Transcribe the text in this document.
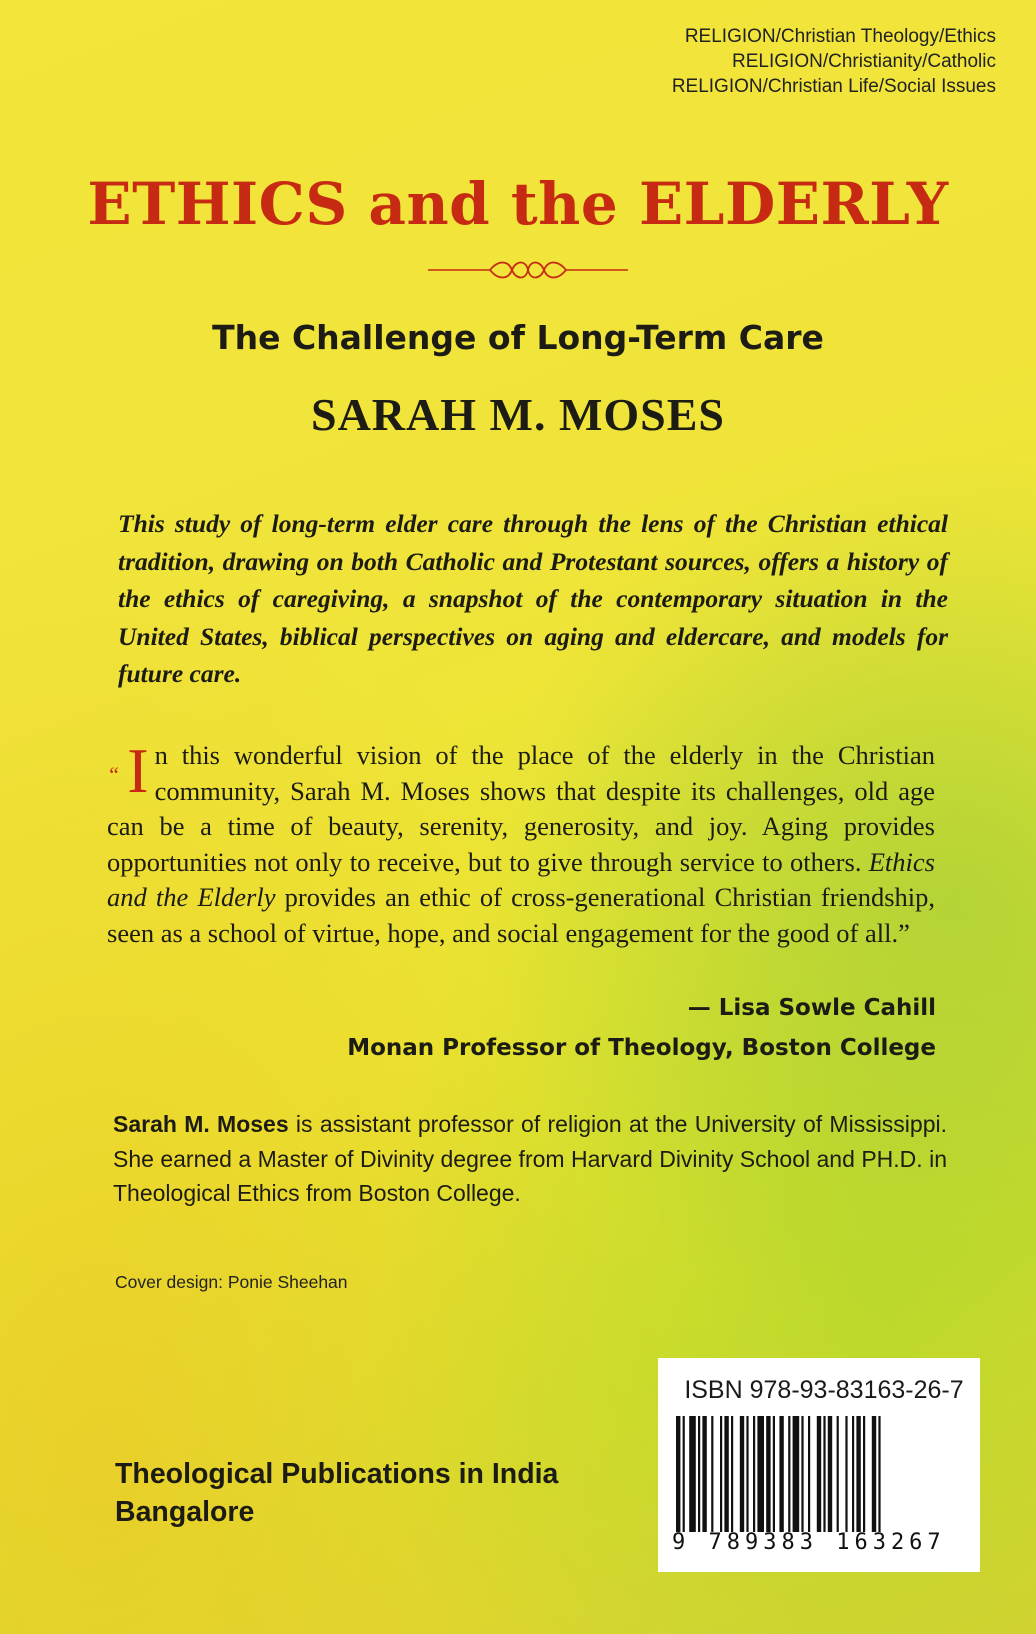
RELIGION/Christian Theology/Ethics
RELIGION/Christianity/Catholic
RELIGION/Christian Life/Social Issues
ETHICS and the ELDERLY
The Challenge of Long-Term Care
SARAH M. MOSES
This study of long-term elder care through the lens of the Christian ethical tradition, drawing on both Catholic and Protestant sources, offers a history of the ethics of caregiving, a snapshot of the contemporary situation in the United States, biblical perspectives on aging and eldercare, and models for future care.
“ I n this wonderful vision of the place of the elderly in the Christian community, Sarah M. Moses shows that despite its challenges, old age can be a time of beauty, serenity, generosity, and joy. Aging provides opportunities not only to receive, but to give through service to others. Ethics and the Elderly provides an ethic of cross-generational Christian friendship, seen as a school of virtue, hope, and social engagement for the good of all.”
— Lisa Sowle Cahill
Monan Professor of Theology, Boston College
Sarah M. Moses is assistant professor of religion at the University of Mississippi. She earned a Master of Divinity degree from Harvard Divinity School and PH.D. in Theological Ethics from Boston College.
Cover design: Ponie Sheehan
Theological Publications in India
Bangalore
ISBN 978-93-83163-26-7
9 789383 163267
